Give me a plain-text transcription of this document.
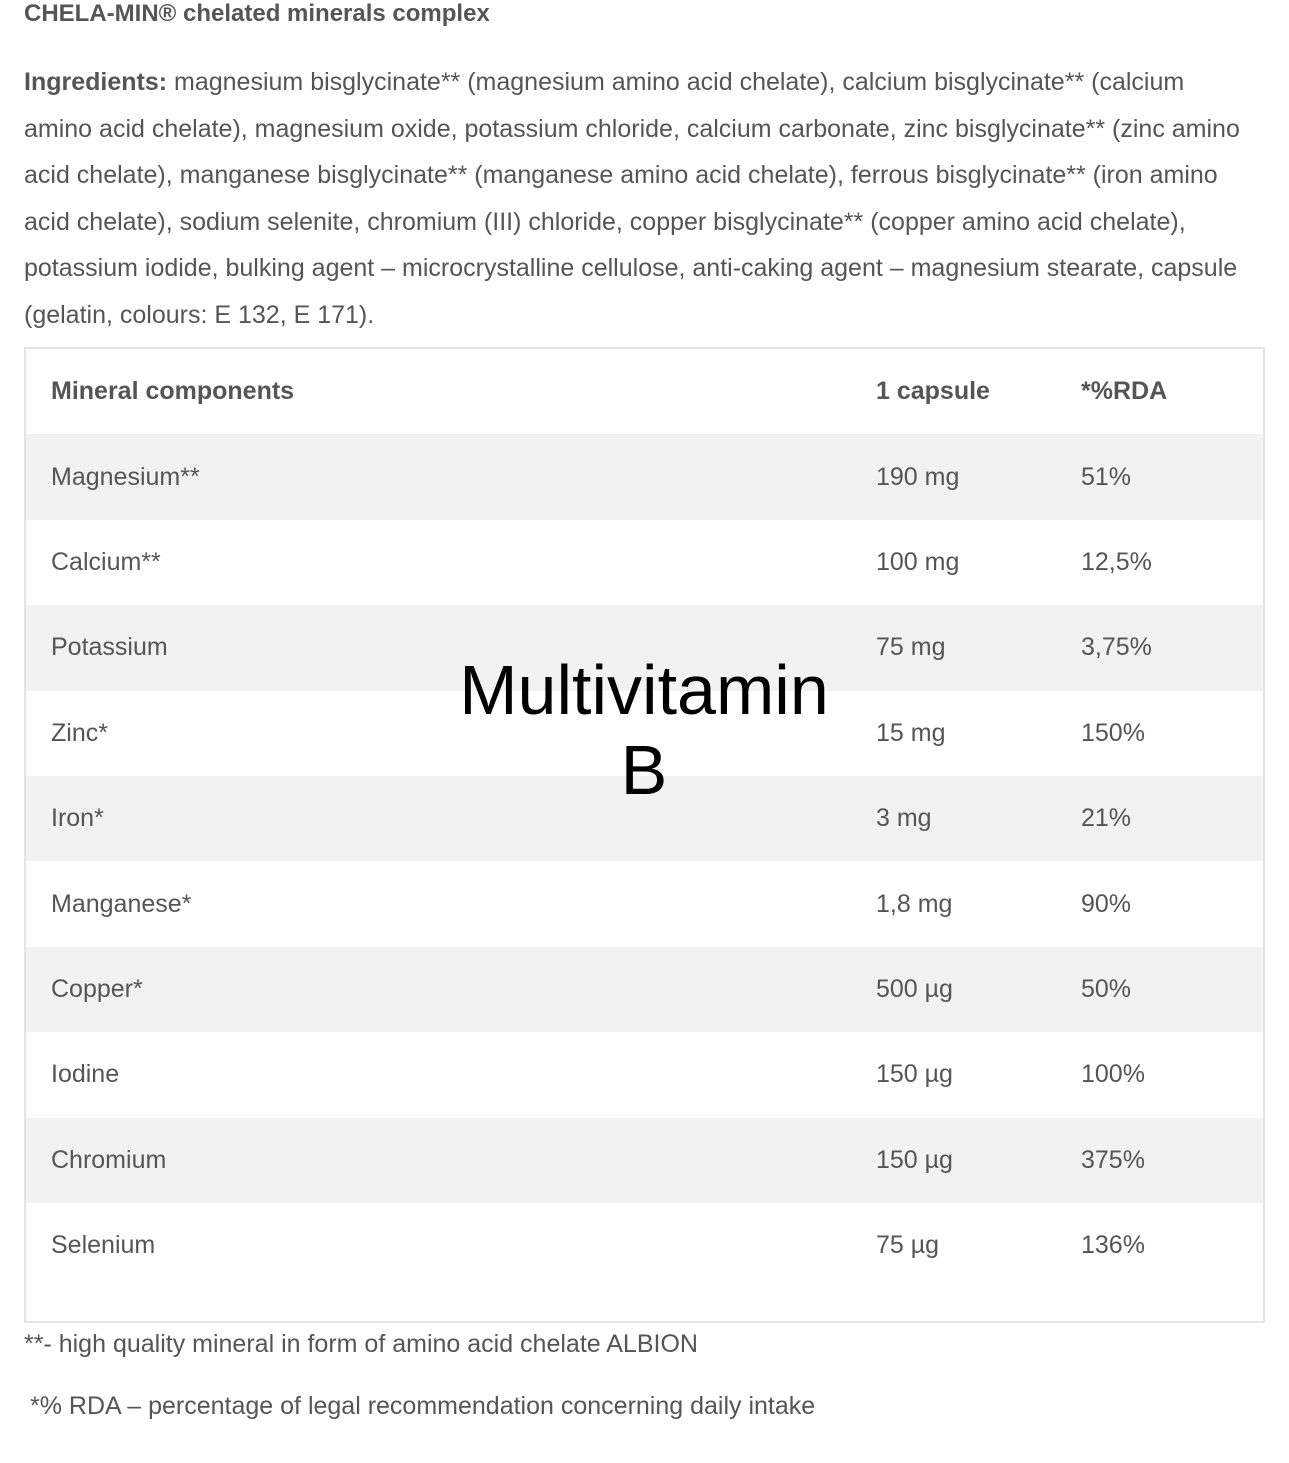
CHELA-MIN® chelated minerals complex

Ingredients: magnesium bisglycinate** (magnesium amino acid chelate), calcium bisglycinate** (calcium amino acid chelate), magnesium oxide, potassium chloride, calcium carbonate, zinc bisglycinate** (zinc amino acid chelate), manganese bisglycinate** (manganese amino acid chelate), ferrous bisglycinate** (iron amino acid chelate), sodium selenite, chromium (III) chloride, copper bisglycinate** (copper amino acid chelate), potassium iodide, bulking agent – microcrystalline cellulose, anti-caking agent – magnesium stearate, capsule (gelatin, colours: E 132, E 171).

Mineral components	1 capsule	*%RDA
Magnesium**	190 mg	51%
Calcium**	100 mg	12,5%
Potassium	75 mg	3,75%
Zinc*	15 mg	150%
Iron*	3 mg	21%
Manganese*	1,8 mg	90%
Copper*	500 µg	50%
Iodine	150 µg	100%
Chromium	150 µg	375%
Selenium	75 µg	136%
Multivitamin
B
**- high quality mineral in form of amino acid chelate ALBION
*% RDA – percentage of legal recommendation concerning daily intake
